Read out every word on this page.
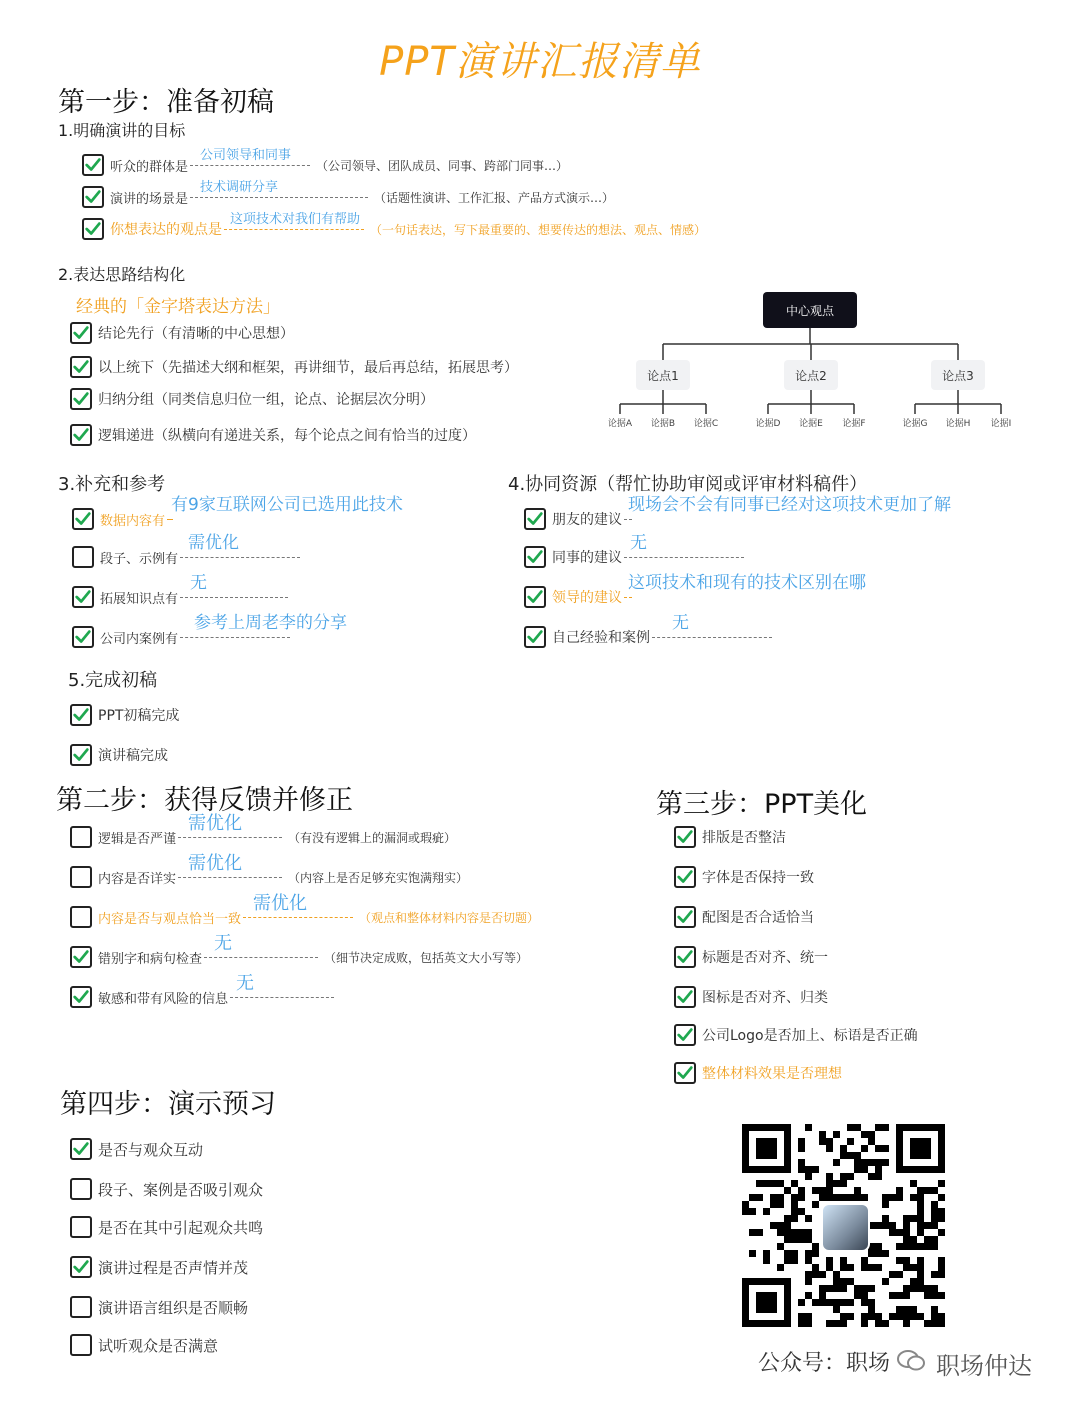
PPT演讲汇报清单
第一步：准备初稿
1.明确演讲的目标
听众的群体是
公司领导和同事
（公司领导、团队成员、同事、跨部门同事…）
演讲的场景是
技术调研分享
（话题性演讲、工作汇报、产品方式演示…）
你想表达的观点是
这项技术对我们有帮助
（一句话表达，写下最重要的、想要传达的想法、观点、情感）
2.表达思路结构化
经典的「金字塔表达方法」
结论先行（有清晰的中心思想）
以上统下（先描述大纲和框架，再讲细节，最后再总结，拓展思考）
归纳分组（同类信息归位一组，论点、论据层次分明）
逻辑递进（纵横向有递进关系，每个论点之间有恰当的过度）
中心观点
论点1
论据A	论据B	论据C
论点2
论据D	论据E	论据F
论点3
论据G	论据H	论据I
3.补充和参考
数据内容有
有9家互联网公司已选用此技术
段子、示例有
需优化
拓展知识点有
无
公司内案例有
参考上周老李的分享
4.协同资源（帮忙协助审阅或评审材料稿件）
朋友的建议
现场会不会有同事已经对这项技术更加了解
同事的建议
无
领导的建议
这项技术和现有的技术区别在哪
自己经验和案例
无
5.完成初稿
PPT初稿完成
演讲稿完成
第二步：获得反馈并修正
逻辑是否严谨
需优化
（有没有逻辑上的漏洞或瑕疵）
内容是否详实
需优化
（内容上是否足够充实饱满翔实）
内容是否与观点恰当一致
需优化
（观点和整体材料内容是否切题）
错别字和病句检查
无
（细节决定成败，包括英文大小写等）
敏感和带有风险的信息
无
第三步：PPT美化
排版是否整洁
字体是否保持一致
配图是否合适恰当
标题是否对齐、统一
图标是否对齐、归类
公司Logo是否加上、标语是否正确
整体材料效果是否理想
第四步：演示预习
是否与观众互动
段子、案例是否吸引观众
是否在其中引起观众共鸣
演讲过程是否声情并茂
演讲语言组织是否顺畅
试听观众是否满意
公众号：职场 职场仲达
